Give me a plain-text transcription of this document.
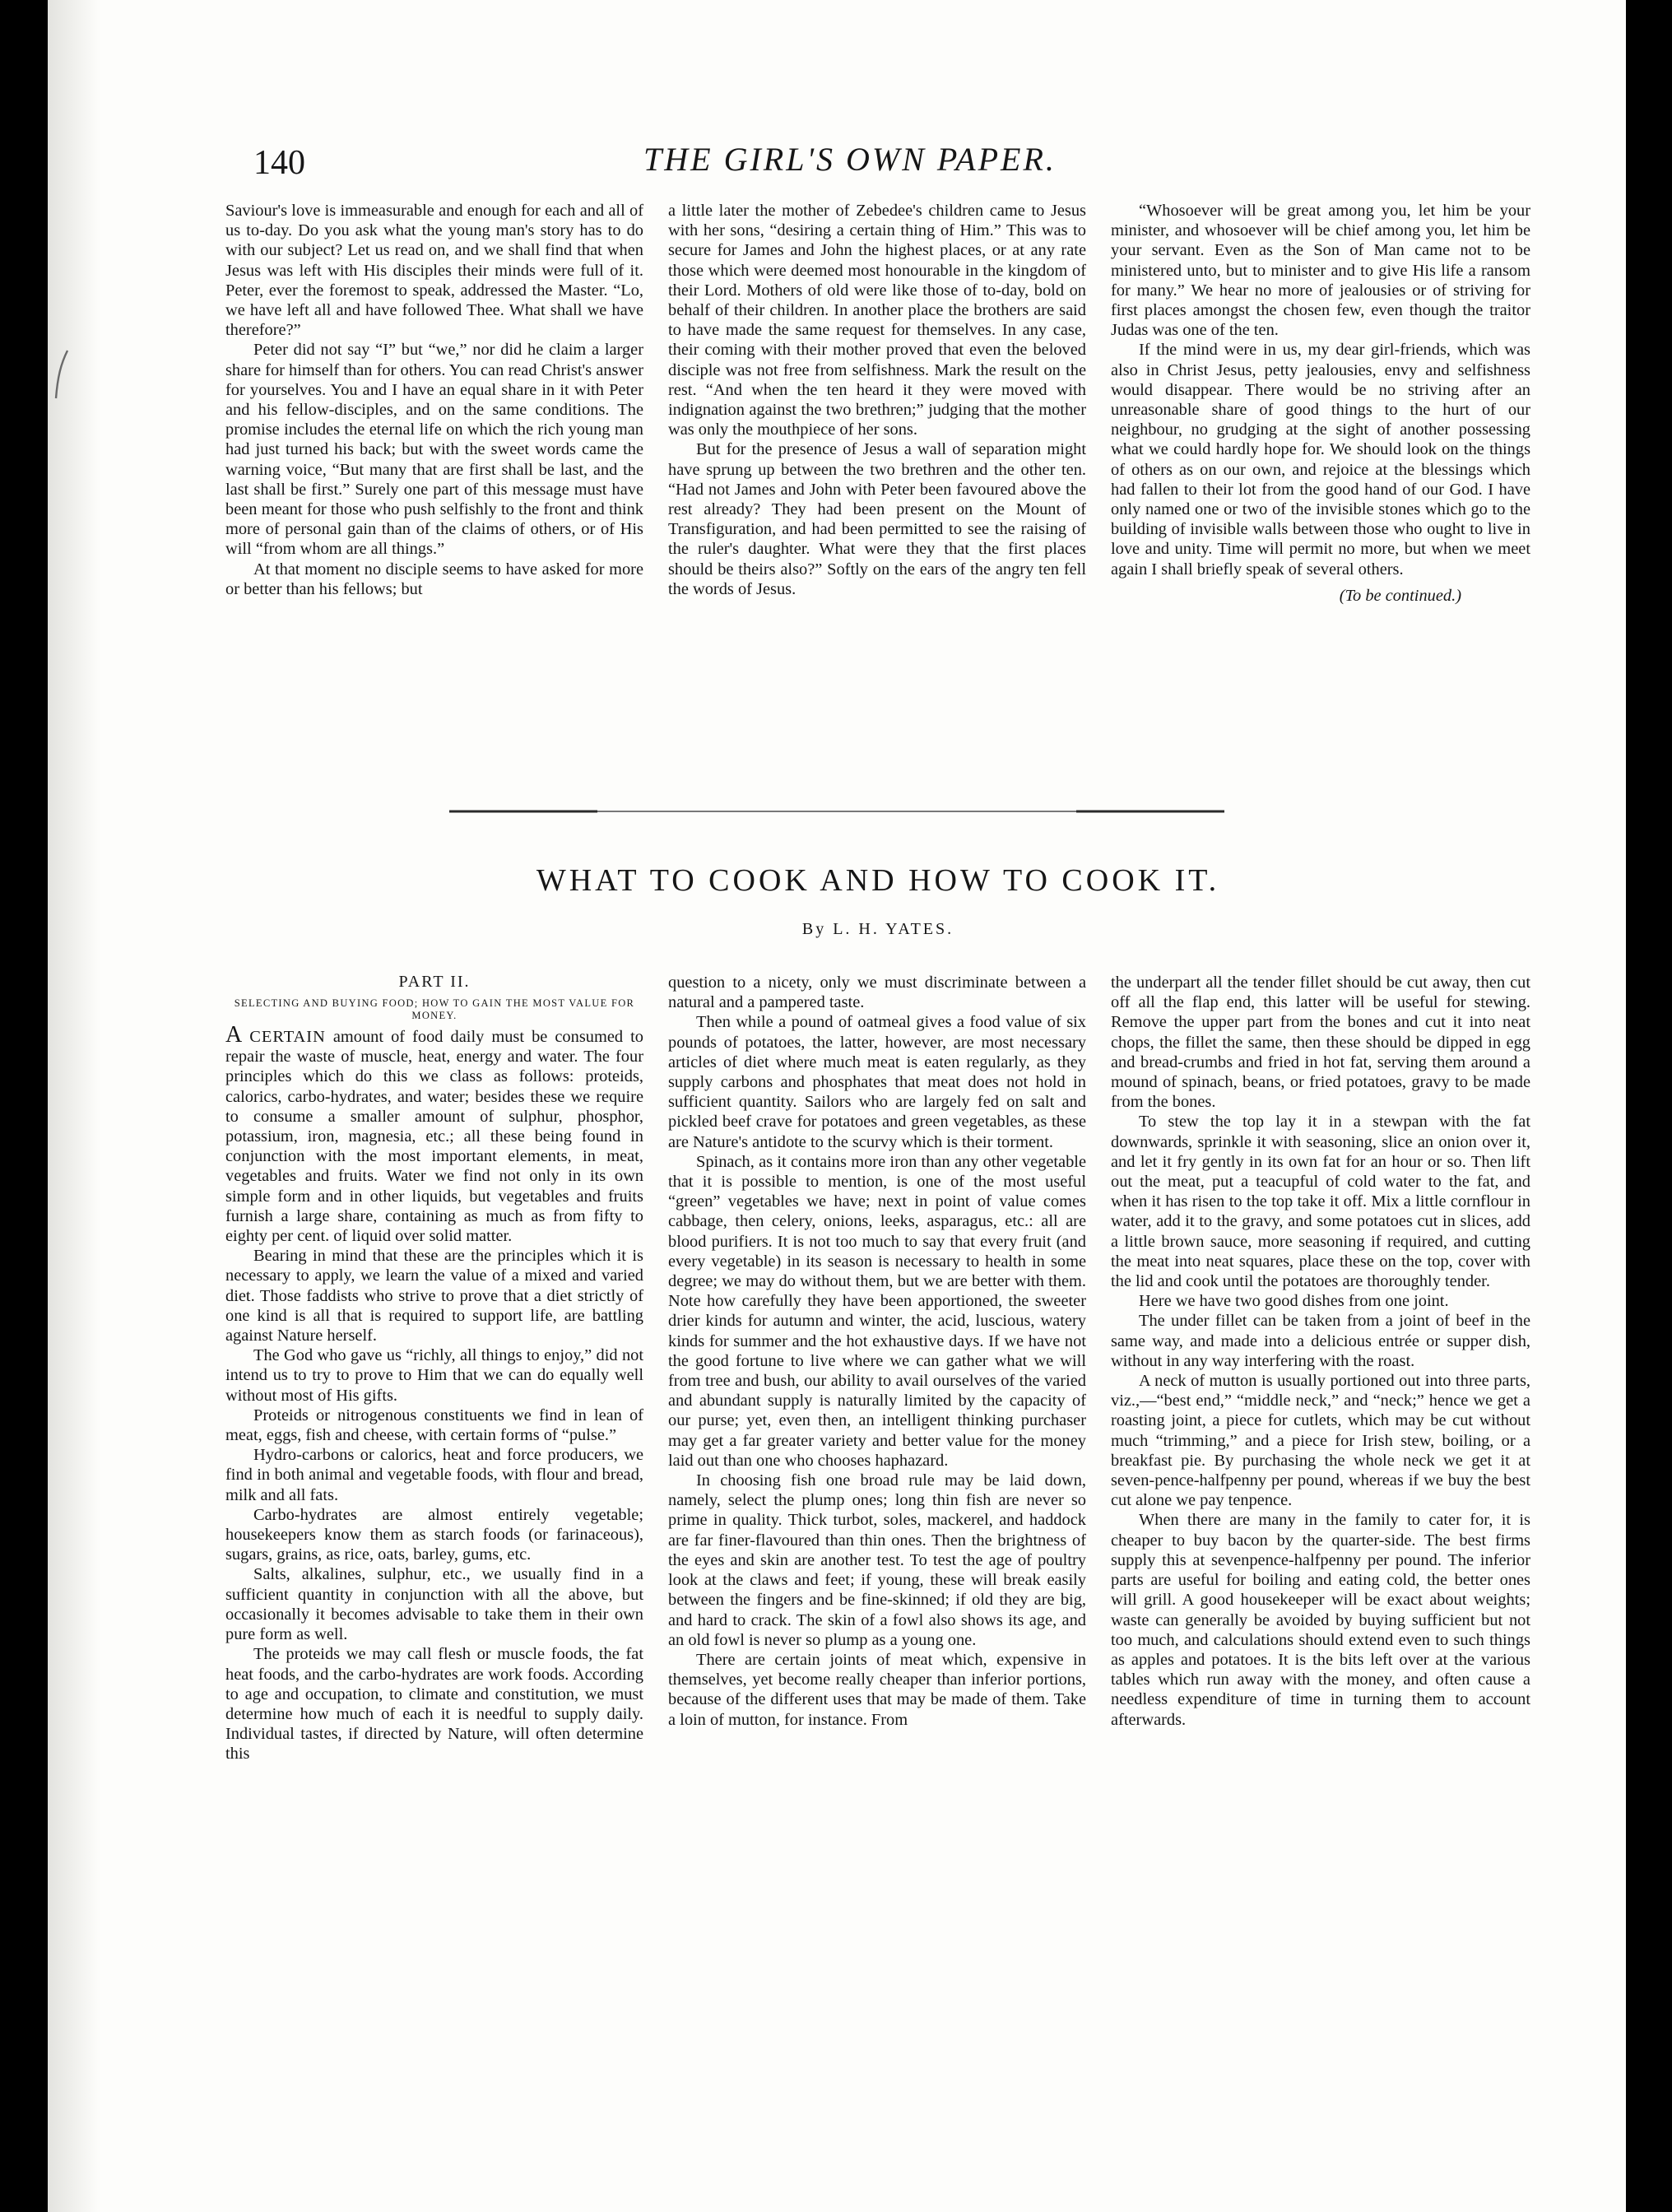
140	THE GIRL'S OWN PAPER.

Saviour's love is immeasurable and enough for each and all of us to-day. Do you ask what the young man's story has to do with our subject? Let us read on, and we shall find that when Jesus was left with His disciples their minds were full of it. Peter, ever the foremost to speak, addressed the Master. “Lo, we have left all and have followed Thee. What shall we have therefore?”

Peter did not say “I” but “we,” nor did he claim a larger share for himself than for others. You can read Christ's answer for yourselves. You and I have an equal share in it with Peter and his fellow-disciples, and on the same conditions. The promise includes the eternal life on which the rich young man had just turned his back; but with the sweet words came the warning voice, “But many that are first shall be last, and the last shall be first.” Surely one part of this message must have been meant for those who push selfishly to the front and think more of personal gain than of the claims of others, or of His will “from whom are all things.”

At that moment no disciple seems to have asked for more or better than his fellows; but

a little later the mother of Zebedee's children came to Jesus with her sons, “desiring a certain thing of Him.” This was to secure for James and John the highest places, or at any rate those which were deemed most honourable in the kingdom of their Lord. Mothers of old were like those of to-day, bold on behalf of their children. In another place the brothers are said to have made the same request for themselves. In any case, their coming with their mother proved that even the beloved disciple was not free from selfishness. Mark the result on the rest. “And when the ten heard it they were moved with indignation against the two brethren;” judging that the mother was only the mouthpiece of her sons.

But for the presence of Jesus a wall of separation might have sprung up between the two brethren and the other ten. “Had not James and John with Peter been favoured above the rest already? They had been present on the Mount of Transfiguration, and had been permitted to see the raising of the ruler's daughter. What were they that the first places should be theirs also?” Softly on the ears of the angry ten fell the words of Jesus.

“Whosoever will be great among you, let him be your minister, and whosoever will be chief among you, let him be your servant. Even as the Son of Man came not to be ministered unto, but to minister and to give His life a ransom for many.” We hear no more of jealousies or of striving for first places amongst the chosen few, even though the traitor Judas was one of the ten.

If the mind were in us, my dear girl-friends, which was also in Christ Jesus, petty jealousies, envy and selfishness would disappear. There would be no striving after an unreasonable share of good things to the hurt of our neighbour, no grudging at the sight of another possessing what we could hardly hope for. We should look on the things of others as on our own, and rejoice at the blessings which had fallen to their lot from the good hand of our God. I have only named one or two of the invisible stones which go to the building of invisible walls between those who ought to live in love and unity. Time will permit no more, but when we meet again I shall briefly speak of several others.

(To be continued.)

WHAT TO COOK AND HOW TO COOK IT.
By L. H. YATES.
PART II.
SELECTING AND BUYING FOOD; HOW TO GAIN THE MOST VALUE FOR MONEY.

A CERTAIN amount of food daily must be consumed to repair the waste of muscle, heat, energy and water. The four principles which do this we class as follows: proteids, calorics, carbo-hydrates, and water; besides these we require to consume a smaller amount of sulphur, phosphor, potassium, iron, magnesia, etc.; all these being found in conjunction with the most important elements, in meat, vegetables and fruits. Water we find not only in its own simple form and in other liquids, but vegetables and fruits furnish a large share, containing as much as from fifty to eighty per cent. of liquid over solid matter.

Bearing in mind that these are the principles which it is necessary to apply, we learn the value of a mixed and varied diet. Those faddists who strive to prove that a diet strictly of one kind is all that is required to support life, are battling against Nature herself.

The God who gave us “richly, all things to enjoy,” did not intend us to try to prove to Him that we can do equally well without most of His gifts.

Proteids or nitrogenous constituents we find in lean of meat, eggs, fish and cheese, with certain forms of “pulse.”

Hydro-carbons or calorics, heat and force producers, we find in both animal and vegetable foods, with flour and bread, milk and all fats.

Carbo-hydrates are almost entirely vegetable; housekeepers know them as starch foods (or farinaceous), sugars, grains, as rice, oats, barley, gums, etc.

Salts, alkalines, sulphur, etc., we usually find in a sufficient quantity in conjunction with all the above, but occasionally it becomes advisable to take them in their own pure form as well.

The proteids we may call flesh or muscle foods, the fat heat foods, and the carbo-hydrates are work foods. According to age and occupation, to climate and constitution, we must determine how much of each it is needful to supply daily. Individual tastes, if directed by Nature, will often determine this

question to a nicety, only we must discriminate between a natural and a pampered taste.

Then while a pound of oatmeal gives a food value of six pounds of potatoes, the latter, however, are most necessary articles of diet where much meat is eaten regularly, as they supply carbons and phosphates that meat does not hold in sufficient quantity. Sailors who are largely fed on salt and pickled beef crave for potatoes and green vegetables, as these are Nature's antidote to the scurvy which is their torment.

Spinach, as it contains more iron than any other vegetable that it is possible to mention, is one of the most useful “green” vegetables we have; next in point of value comes cabbage, then celery, onions, leeks, asparagus, etc.: all are blood purifiers. It is not too much to say that every fruit (and every vegetable) in its season is necessary to health in some degree; we may do without them, but we are better with them. Note how carefully they have been apportioned, the sweeter drier kinds for autumn and winter, the acid, luscious, watery kinds for summer and the hot exhaustive days. If we have not the good fortune to live where we can gather what we will from tree and bush, our ability to avail ourselves of the varied and abundant supply is naturally limited by the capacity of our purse; yet, even then, an intelligent thinking purchaser may get a far greater variety and better value for the money laid out than one who chooses haphazard.

In choosing fish one broad rule may be laid down, namely, select the plump ones; long thin fish are never so prime in quality. Thick turbot, soles, mackerel, and haddock are far finer-flavoured than thin ones. Then the brightness of the eyes and skin are another test. To test the age of poultry look at the claws and feet; if young, these will break easily between the fingers and be fine-skinned; if old they are big, and hard to crack. The skin of a fowl also shows its age, and an old fowl is never so plump as a young one.

There are certain joints of meat which, expensive in themselves, yet become really cheaper than inferior portions, because of the different uses that may be made of them. Take a loin of mutton, for instance. From

the underpart all the tender fillet should be cut away, then cut off all the flap end, this latter will be useful for stewing. Remove the upper part from the bones and cut it into neat chops, the fillet the same, then these should be dipped in egg and bread-crumbs and fried in hot fat, serving them around a mound of spinach, beans, or fried potatoes, gravy to be made from the bones.

To stew the top lay it in a stewpan with the fat downwards, sprinkle it with seasoning, slice an onion over it, and let it fry gently in its own fat for an hour or so. Then lift out the meat, put a teacupful of cold water to the fat, and when it has risen to the top take it off. Mix a little cornflour in water, add it to the gravy, and some potatoes cut in slices, add a little brown sauce, more seasoning if required, and cutting the meat into neat squares, place these on the top, cover with the lid and cook until the potatoes are thoroughly tender.

Here we have two good dishes from one joint.

The under fillet can be taken from a joint of beef in the same way, and made into a delicious entrée or supper dish, without in any way interfering with the roast.

A neck of mutton is usually portioned out into three parts, viz.,—“best end,” “middle neck,” and “neck;” hence we get a roasting joint, a piece for cutlets, which may be cut without much “trimming,” and a piece for Irish stew, boiling, or a breakfast pie. By purchasing the whole neck we get it at seven-pence-halfpenny per pound, whereas if we buy the best cut alone we pay tenpence.

When there are many in the family to cater for, it is cheaper to buy bacon by the quarter-side. The best firms supply this at sevenpence-halfpenny per pound. The inferior parts are useful for boiling and eating cold, the better ones will grill. A good housekeeper will be exact about weights; waste can generally be avoided by buying sufficient but not too much, and calculations should extend even to such things as apples and potatoes. It is the bits left over at the various tables which run away with the money, and often cause a needless expenditure of time in turning them to account afterwards.
